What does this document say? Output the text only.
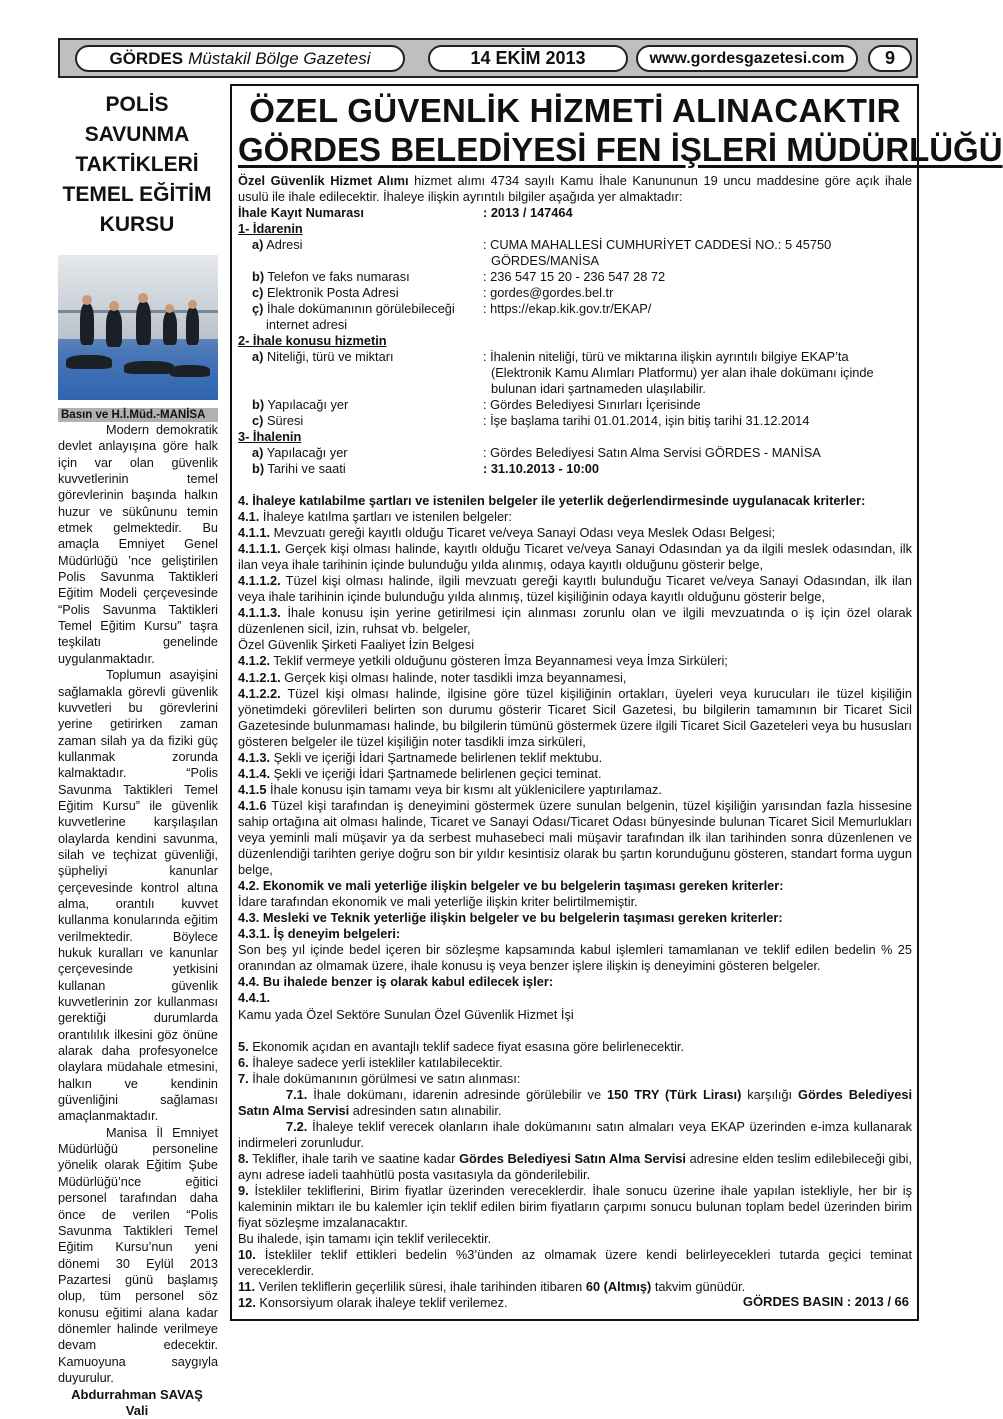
GÖRDES Müstakil Bölge Gazetesi	14 EKİM 2013	www.gordesgazetesi.com	9
POLİS
SAVUNMA
TAKTİKLERİ
TEMEL EĞİTİM
KURSU
Basın ve H.İ.Müd.-MANİSA

Modern demokratik devlet anlayışına göre halk için var olan güvenlik kuvvetlerinin temel görevlerinin başında halkın huzur ve sükûnunu temin etmek gelmektedir. Bu amaçla Emniyet Genel Müdürlüğü ’nce geliştirilen Polis Savunma Taktikleri Eğitim Modeli çerçevesinde “Polis Savunma Taktikleri Temel Eğitim Kursu” taşra teşkilatı genelinde uygulanmaktadır.

Toplumun asayişini sağlamakla görevli güvenlik kuvvetleri bu görevlerini yerine getirirken zaman zaman silah ya da fiziki güç kullanmak zorunda kalmaktadır. “Polis Savunma Taktikleri Temel Eğitim Kursu” ile güvenlik kuvvetlerine karşılaşılan olaylarda kendini savunma, silah ve teçhizat güvenliği, şüpheliyi kanunlar çerçevesinde kontrol altına alma, orantılı kuvvet kullanma konularında eğitim verilmektedir. Böylece hukuk kuralları ve kanunlar çerçevesinde yetkisini kullanan güvenlik kuvvetlerinin zor kullanması gerektiği durumlarda orantılılık ilkesini göz önüne alarak daha profesyonelce olaylara müdahale etmesini, halkın ve kendinin güvenliğini sağlaması amaçlanmaktadır.

Manisa İl Emniyet Müdürlüğü personeline yönelik olarak Eğitim Şube Müdürlüğü’nce eğitici personel tarafından daha önce de verilen “Polis Savunma Taktikleri Temel Eğitim Kursu’nun yeni dönemi 30 Eylül 2013 Pazartesi günü başlamış olup, tüm personel söz konusu eğitimi alana kadar dönemler halinde verilmeye devam edecektir. Kamuoyuna saygıyla duyurulur.

Abdurrahman SAVAŞ
Vali
ÖZEL GÜVENLİK HİZMETİ ALINACAKTIR
GÖRDES BELEDİYESİ FEN İŞLERİ MÜDÜRLÜĞÜ
Özel Güvenlik Hizmet Alımı hizmet alımı 4734 sayılı Kamu İhale Kanununun 19 uncu maddesine göre açık ihale usulü ile ihale edilecektir. İhaleye ilişkin ayrıntılı bilgiler aşağıda yer almaktadır:
İhale Kayıt Numarası	: 2013 / 147464
1- İdarenin
a) Adresi	: CUMA MAHALLESİ CUMHURİYET CADDESİ NO.: 5 45750
GÖRDES/MANİSA
b) Telefon ve faks numarası	: 236 547 15 20 - 236 547 28 72
c) Elektronik Posta Adresi	: gordes@gordes.bel.tr
ç) İhale dokümanının görülebileceği
internet adresi
: https://ekap.kik.gov.tr/EKAP/
2- İhale konusu hizmetin
a) Niteliği, türü ve miktarı	: İhalenin niteliği, türü ve miktarına ilişkin ayrıntılı bilgiye EKAP’ta
(Elektronik Kamu Alımları Platformu) yer alan ihale dokümanı içinde
bulunan idari şartnameden ulaşılabilir.
b) Yapılacağı yer	: Gördes Belediyesi Sınırları İçerisinde
c) Süresi	: İşe başlama tarihi 01.01.2014, işin bitiş tarihi 31.12.2014
3- İhalenin
a) Yapılacağı yer	: Gördes Belediyesi Satın Alma Servisi GÖRDES - MANİSA
b) Tarihi ve saati	: 31.10.2013 - 10:00
4. İhaleye katılabilme şartları ve istenilen belgeler ile yeterlik değerlendirmesinde uygulanacak kriterler:
4.1. İhaleye katılma şartları ve istenilen belgeler:
4.1.1. Mevzuatı gereği kayıtlı olduğu Ticaret ve/veya Sanayi Odası veya Meslek Odası Belgesi;
4.1.1.1. Gerçek kişi olması halinde, kayıtlı olduğu Ticaret ve/veya Sanayi Odasından ya da ilgili meslek odasından, ilk ilan veya ihale tarihinin içinde bulunduğu yılda alınmış, odaya kayıtlı olduğunu gösterir belge,
4.1.1.2. Tüzel kişi olması halinde, ilgili mevzuatı gereği kayıtlı bulunduğu Ticaret ve/veya Sanayi Odasından, ilk ilan veya ihale tarihinin içinde bulunduğu yılda alınmış, tüzel kişiliğinin odaya kayıtlı olduğunu gösterir belge,
4.1.1.3. İhale konusu işin yerine getirilmesi için alınması zorunlu olan ve ilgili mevzuatında o iş için özel olarak düzenlenen sicil, izin, ruhsat vb. belgeler,
Özel Güvenlik Şirketi Faaliyet İzin Belgesi
4.1.2. Teklif vermeye yetkili olduğunu gösteren İmza Beyannamesi veya İmza Sirküleri;
4.1.2.1. Gerçek kişi olması halinde, noter tasdikli imza beyannamesi,
4.1.2.2. Tüzel kişi olması halinde, ilgisine göre tüzel kişiliğinin ortakları, üyeleri veya kurucuları ile tüzel kişiliğin yönetimdeki görevlileri belirten son durumu gösterir Ticaret Sicil Gazetesi, bu bilgilerin tamamının bir Ticaret Sicil Gazetesinde bulunmaması halinde, bu bilgilerin tümünü göstermek üzere ilgili Ticaret Sicil Gazeteleri veya bu hususları gösteren belgeler ile tüzel kişiliğin noter tasdikli imza sirküleri,
4.1.3. Şekli ve içeriği İdari Şartnamede belirlenen teklif mektubu.
4.1.4. Şekli ve içeriği İdari Şartnamede belirlenen geçici teminat.
4.1.5 İhale konusu işin tamamı veya bir kısmı alt yüklenicilere yaptırılamaz.
4.1.6 Tüzel kişi tarafından iş deneyimini göstermek üzere sunulan belgenin, tüzel kişiliğin yarısından fazla hissesine sahip ortağına ait olması halinde, Ticaret ve Sanayi Odası/Ticaret Odası bünyesinde bulunan Ticaret Sicil Memurlukları veya yeminli mali müşavir ya da serbest muhasebeci mali müşavir tarafından ilk ilan tarihinden sonra düzenlenen ve düzenlendiği tarihten geriye doğru son bir yıldır kesintisiz olarak bu şartın korunduğunu gösteren, standart forma uygun belge,
4.2. Ekonomik ve mali yeterliğe ilişkin belgeler ve bu belgelerin taşıması gereken kriterler:
İdare tarafından ekonomik ve mali yeterliğe ilişkin kriter belirtilmemiştir.
4.3. Mesleki ve Teknik yeterliğe ilişkin belgeler ve bu belgelerin taşıması gereken kriterler:
4.3.1. İş deneyim belgeleri:
Son beş yıl içinde bedel içeren bir sözleşme kapsamında kabul işlemleri tamamlanan ve teklif edilen bedelin % 25 oranından az olmamak üzere, ihale konusu iş veya benzer işlere ilişkin iş deneyimini gösteren belgeler.
4.4. Bu ihalede benzer iş olarak kabul edilecek işler:
4.4.1.
Kamu yada Özel Sektöre Sunulan Özel Güvenlik Hizmet İşi
5. Ekonomik açıdan en avantajlı teklif sadece fiyat esasına göre belirlenecektir.
6. İhaleye sadece yerli istekliler katılabilecektir.
7. İhale dokümanının görülmesi ve satın alınması:
7.1. İhale dokümanı, idarenin adresinde görülebilir ve 150 TRY (Türk Lirası) karşılığı Gördes Belediyesi Satın Alma Servisi adresinden satın alınabilir.
7.2. İhaleye teklif verecek olanların ihale dokümanını satın almaları veya EKAP üzerinden e-imza kullanarak indirmeleri zorunludur.
8. Teklifler, ihale tarih ve saatine kadar Gördes Belediyesi Satın Alma Servisi adresine elden teslim edilebileceği gibi, aynı adrese iadeli taahhütlü posta vasıtasıyla da gönderilebilir.
9. İstekliler tekliflerini, Birim fiyatlar üzerinden vereceklerdir. İhale sonucu üzerine ihale yapılan istekliyle, her bir iş kaleminin miktarı ile bu kalemler için teklif edilen birim fiyatların çarpımı sonucu bulunan toplam bedel üzerinden birim fiyat sözleşme imzalanacaktır.
Bu ihalede, işin tamamı için teklif verilecektir.
10. İstekliler teklif ettikleri bedelin %3’ünden az olmamak üzere kendi belirleyecekleri tutarda geçici teminat vereceklerdir.
11. Verilen tekliflerin geçerlilik süresi, ihale tarihinden itibaren 60 (Altmış) takvim günüdür.
12. Konsorsiyum olarak ihaleye teklif verilemez.	GÖRDES BASIN : 2013 / 66
